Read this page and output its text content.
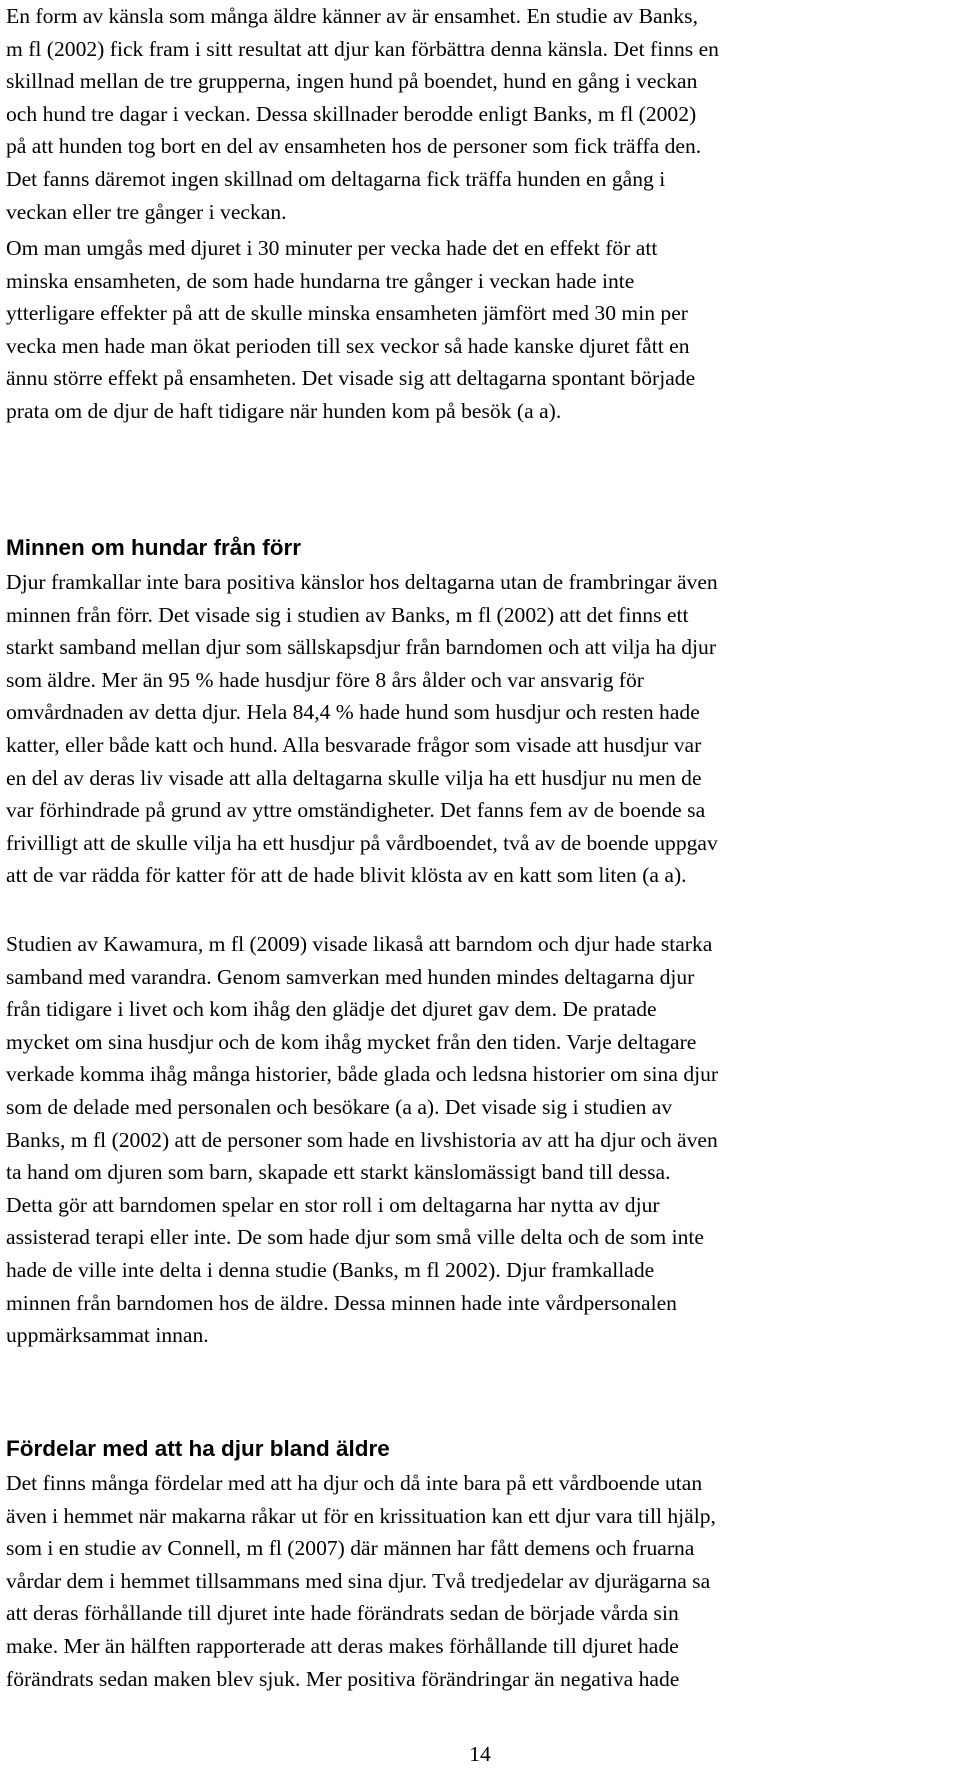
En form av känsla som många äldre känner av är ensamhet. En studie av Banks,
m fl (2002) fick fram i sitt resultat att djur kan förbättra denna känsla. Det finns en
skillnad mellan de tre grupperna, ingen hund på boendet, hund en gång i veckan
och hund tre dagar i veckan. Dessa skillnader berodde enligt Banks, m fl (2002)
på att hunden tog bort en del av ensamheten hos de personer som fick träffa den.
Det fanns däremot ingen skillnad om deltagarna fick träffa hunden en gång i
veckan eller tre gånger i veckan.
Om man umgås med djuret i 30 minuter per vecka hade det en effekt för att
minska ensamheten, de som hade hundarna tre gånger i veckan hade inte
ytterligare effekter på att de skulle minska ensamheten jämfört med 30 min per
vecka men hade man ökat perioden till sex veckor så hade kanske djuret fått en
ännu större effekt på ensamheten. Det visade sig att deltagarna spontant började
prata om de djur de haft tidigare när hunden kom på besök (a a).
Minnen om hundar från förr
Djur framkallar inte bara positiva känslor hos deltagarna utan de frambringar även
minnen från förr. Det visade sig i studien av Banks, m fl (2002) att det finns ett
starkt samband mellan djur som sällskapsdjur från barndomen och att vilja ha djur
som äldre. Mer än 95 % hade husdjur före 8 års ålder och var ansvarig för
omvårdnaden av detta djur. Hela 84,4 % hade hund som husdjur och resten hade
katter, eller både katt och hund. Alla besvarade frågor som visade att husdjur var
en del av deras liv visade att alla deltagarna skulle vilja ha ett husdjur nu men de
var förhindrade på grund av yttre omständigheter. Det fanns fem av de boende sa
frivilligt att de skulle vilja ha ett husdjur på vårdboendet, två av de boende uppgav
att de var rädda för katter för att de hade blivit klösta av en katt som liten (a a).
Studien av Kawamura, m fl (2009) visade likaså att barndom och djur hade starka
samband med varandra. Genom samverkan med hunden mindes deltagarna djur
från tidigare i livet och kom ihåg den glädje det djuret gav dem. De pratade
mycket om sina husdjur och de kom ihåg mycket från den tiden. Varje deltagare
verkade komma ihåg många historier, både glada och ledsna historier om sina djur
som de delade med personalen och besökare (a a). Det visade sig i studien av
Banks, m fl (2002) att de personer som hade en livshistoria av att ha djur och även
ta hand om djuren som barn, skapade ett starkt känslomässigt band till dessa.
Detta gör att barndomen spelar en stor roll i om deltagarna har nytta av djur
assisterad terapi eller inte. De som hade djur som små ville delta och de som inte
hade de ville inte delta i denna studie (Banks, m fl 2002). Djur framkallade
minnen från barndomen hos de äldre. Dessa minnen hade inte vårdpersonalen
uppmärksammat innan.
Fördelar med att ha djur bland äldre
Det finns många fördelar med att ha djur och då inte bara på ett vårdboende utan
även i hemmet när makarna råkar ut för en krissituation kan ett djur vara till hjälp,
som i en studie av Connell, m fl (2007) där männen har fått demens och fruarna
vårdar dem i hemmet tillsammans med sina djur. Två tredjedelar av djurägarna sa
att deras förhållande till djuret inte hade förändrats sedan de började vårda sin
make. Mer än hälften rapporterade att deras makes förhållande till djuret hade
förändrats sedan maken blev sjuk. Mer positiva förändringar än negativa hade
14
